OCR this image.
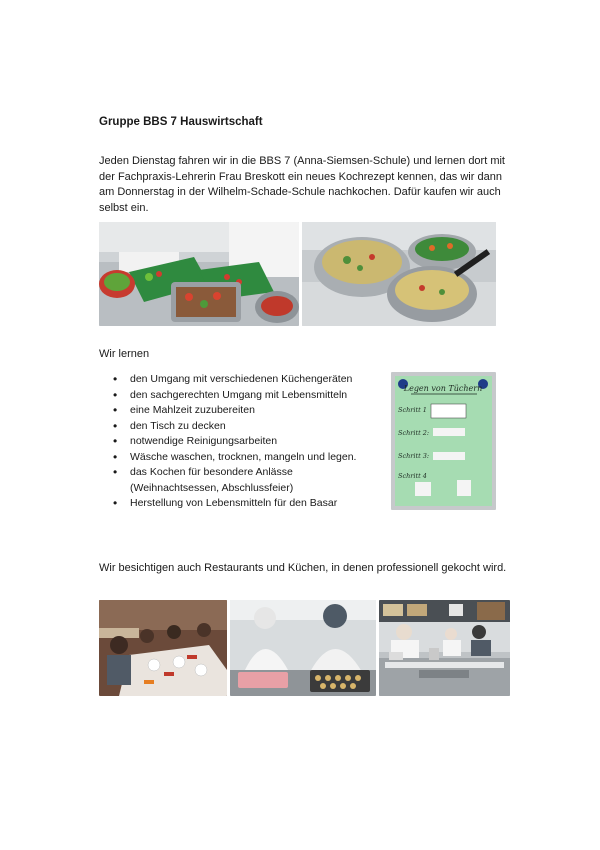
Gruppe BBS 7 Hauswirtschaft
Jeden Dienstag fahren wir in die BBS 7 (Anna-Siemsen-Schule) und lernen dort mit der Fachpraxis-Lehrerin Frau Breskott ein neues Kochrezept kennen, das wir dann am Donnerstag in der Wilhelm-Schade-Schule nachkochen. Dafür kaufen wir auch selbst ein.
Wir lernen
• den Umgang mit verschiedenen Küchengeräten
• den sachgerechten Umgang mit Lebensmitteln
• eine Mahlzeit zuzubereiten
• den Tisch zu decken
• notwendige Reinigungsarbeiten
• Wäsche waschen, trocknen, mangeln und legen.
• das Kochen für besondere Anlässe (Weihnachtsessen, Abschlussfeier)
• Herstellung von Lebensmitteln für den Basar
Legen von Tüchern
Schritt 1
Schritt 2:
Schritt 3:
Schritt 4
Wir besichtigen auch Restaurants und Küchen, in denen professionell gekocht wird.
